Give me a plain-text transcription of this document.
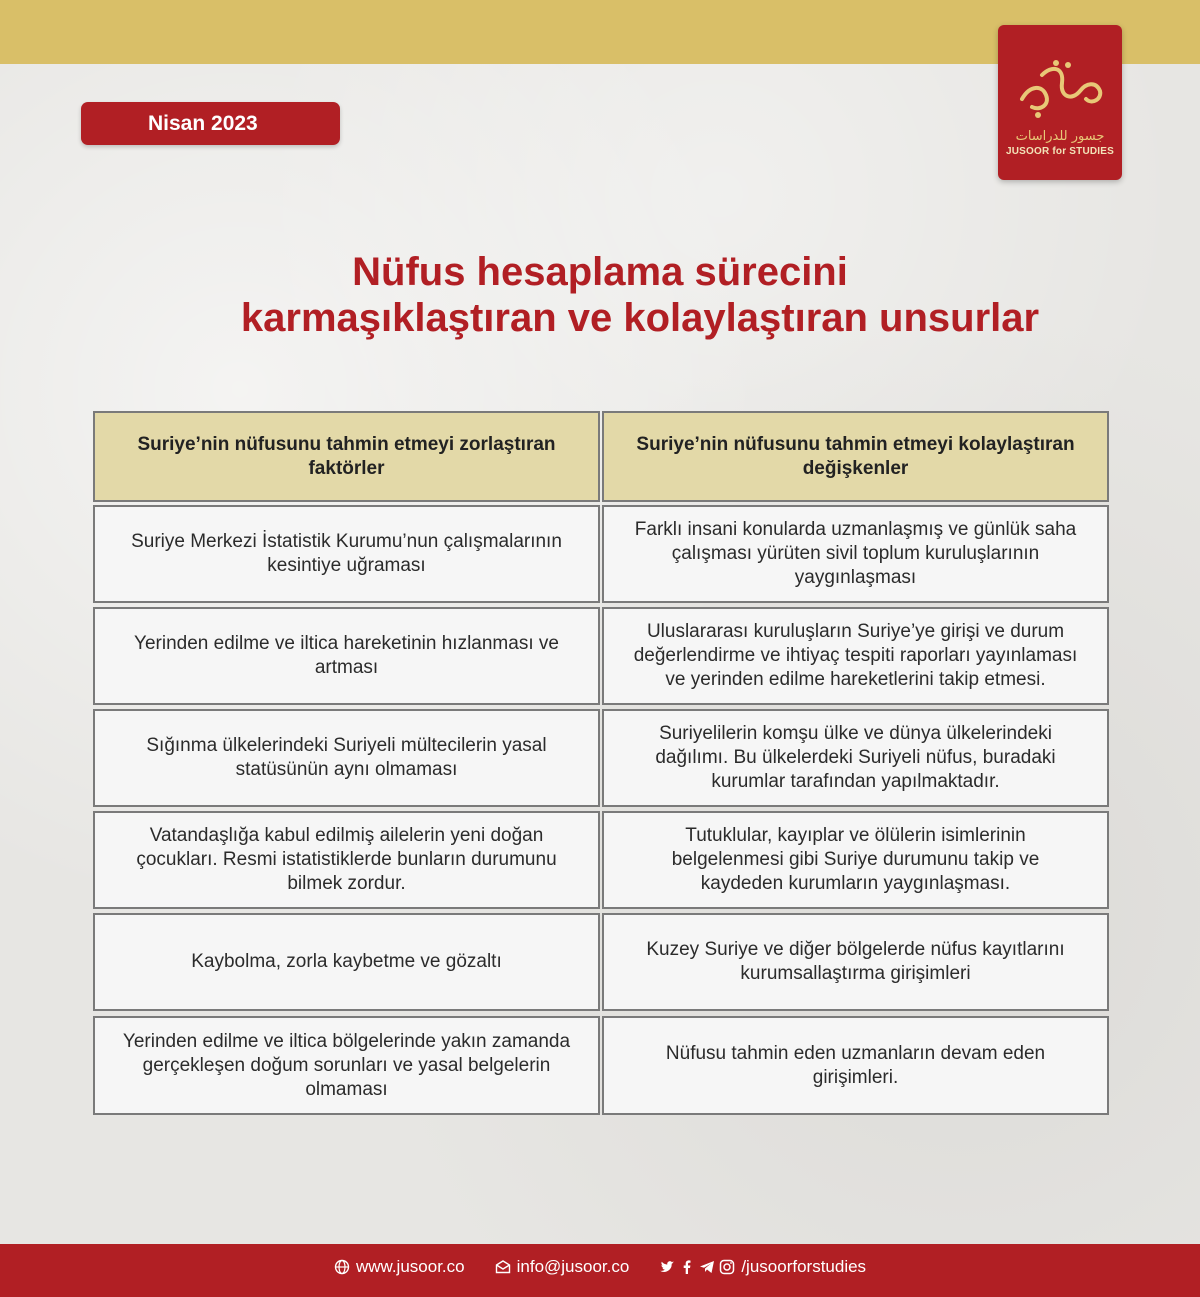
جسور للدراسات
JUSOOR for STUDIES
Nisan 2023
Nüfus hesaplama sürecini
karmaşıklaştıran ve kolaylaştıran unsurlar
Suriye’nin nüfusunu tahmin etmeyi zorlaştıran faktörler
Suriye’nin nüfusunu tahmin etmeyi kolaylaştıran değişkenler
Suriye Merkezi İstatistik Kurumu’nun çalışmalarının kesintiye uğraması
Farklı insani konularda uzmanlaşmış ve günlük saha çalışması yürüten sivil toplum kuruluşlarının yaygınlaşması
Yerinden edilme ve iltica hareketinin hızlanması ve artması
Uluslararası kuruluşların Suriye’ye girişi ve durum değerlendirme ve ihtiyaç tespiti raporları yayınlaması ve yerinden edilme hareketlerini takip etmesi.
Sığınma ülkelerindeki Suriyeli mültecilerin yasal statüsünün aynı olmaması
Suriyelilerin komşu ülke ve dünya ülkelerindeki dağılımı. Bu ülkelerdeki Suriyeli nüfus, buradaki kurumlar tarafından yapılmaktadır.
Vatandaşlığa kabul edilmiş ailelerin yeni doğan çocukları. Resmi istatistiklerde bunların durumunu bilmek zordur.
Tutuklular, kayıplar ve ölülerin isimlerinin belgelenmesi gibi Suriye durumunu takip ve kaydeden kurumların yaygınlaşması.
Kaybolma, zorla kaybetme ve gözaltı
Kuzey Suriye ve diğer bölgelerde nüfus kayıtlarını kurumsallaştırma girişimleri
Yerinden edilme ve iltica bölgelerinde yakın zamanda gerçekleşen doğum sorunları ve yasal belgelerin olmaması
Nüfusu tahmin eden uzmanların devam eden girişimleri.
www.jusoor.co	info@jusoor.co	/jusoorforstudies
